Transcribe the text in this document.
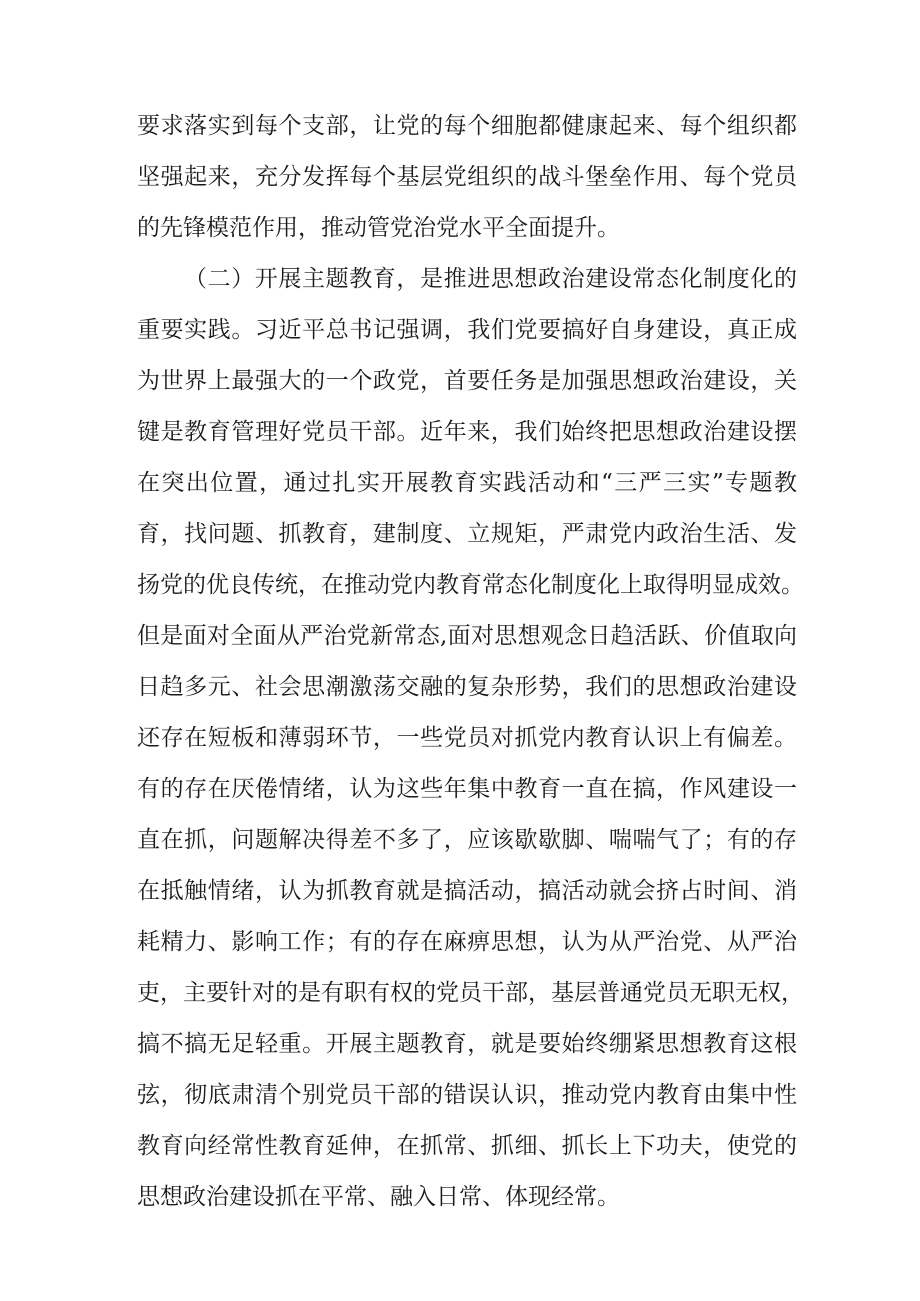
要求落实到每个支部，让党的每个细胞都健康起来、每个组织都
坚强起来，充分发挥每个基层党组织的战斗堡垒作用、每个党员
的先锋模范作用，推动管党治党水平全面提升。
（二）开展主题教育，是推进思想政治建设常态化制度化的
重要实践。习近平总书记强调，我们党要搞好自身建设，真正成
为世界上最强大的一个政党，首要任务是加强思想政治建设，关
键是教育管理好党员干部。近年来，我们始终把思想政治建设摆
在突出位置，通过扎实开展教育实践活动和“三严三实”专题教
育，找问题、抓教育，建制度、立规矩，严肃党内政治生活、发
扬党的优良传统，在推动党内教育常态化制度化上取得明显成效。
但是面对全面从严治党新常态,面对思想观念日趋活跃、价值取向
日趋多元、社会思潮激荡交融的复杂形势，我们的思想政治建设
还存在短板和薄弱环节，一些党员对抓党内教育认识上有偏差。
有的存在厌倦情绪，认为这些年集中教育一直在搞，作风建设一
直在抓，问题解决得差不多了，应该歇歇脚、喘喘气了；有的存
在抵触情绪，认为抓教育就是搞活动，搞活动就会挤占时间、消
耗精力、影响工作；有的存在麻痹思想，认为从严治党、从严治
吏，主要针对的是有职有权的党员干部，基层普通党员无职无权，
搞不搞无足轻重。开展主题教育，就是要始终绷紧思想教育这根
弦，彻底肃清个别党员干部的错误认识，推动党内教育由集中性
教育向经常性教育延伸，在抓常、抓细、抓长上下功夫，使党的
思想政治建设抓在平常、融入日常、体现经常。
